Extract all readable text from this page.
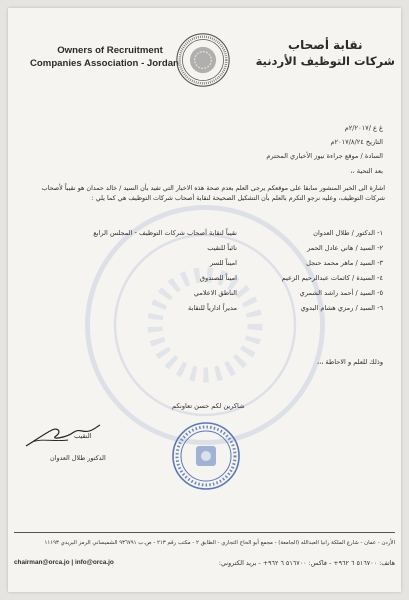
Owners of Recruitment
Companies Association - Jordan
نقابة أصحاب
شركات التوظيف الأردنية
غ ع /٢/٢٠١٧م
التاريخ ٢٠١٧/٨/٢٤م
السادة / موقع جراءة نيوز الأخباري المحترم
بعد التحية ،،
اشارة الى الخبر المنشور سابقا على موقعكم يرجى العلم بعدم صحة هذه الاخبار التي تفيد بأن السيد / خالد حمدان هو نقيباً لأصحاب شركات التوظيف، وعليه نرجو التكرم بالعلم بأن التشكيل الصحيحة لنقابة أصحاب شركات التوظيف هي كما يلي :
١- الدكتور / طلال العدوان
نقيباً لنقابة أصحاب شركات التوظيف - المجلس الرابع
٢- السيد / هاني عادل الحمر
نائباً للنقيب
٣- السيد / ماهر محمد حنجل
اميناً للسر
٤- السيدة / كاثمات عبدالرحيم الزعيم
اميناً للصندوق
٥- السيد / أحمد راشد الشمري
الناطق الاعلامي
٦- السيد / رمزي هشام البدوي
مديراً ادارياً للنقابة
وذلك للعلم و الاحاطة ،،،
شاكرين لكم حسن تعاونكم
النقيب
الدكتور طلال العدوان
الأردن - عمان - شارع الملكة رانيا العبدالله (الجامعة) - مجمع أبو الحاج التجاري - الطابق ٢ - مكتب رقم ٢١٣ - ص.ب ٩٣٦٧٩١ الشميساني الرمز البريدي ١١١٩٣
هاتف: ٥١٦٧٠٠ ٦ ٩٦٢+ - فاكس: ٥١٦٧٠٠ ٦ ٩٦٢+ - بريد الكتروني:
chairman@orca.jo | info@orca.jo
